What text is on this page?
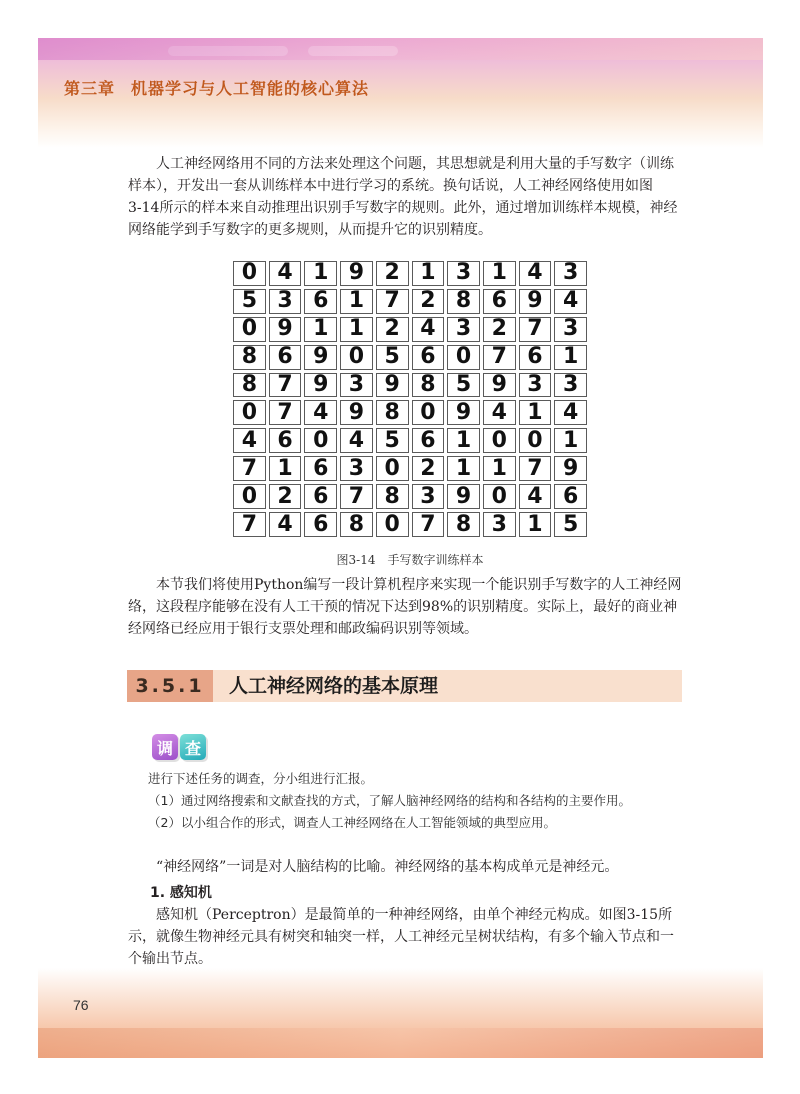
第三章 机器学习与人工智能的核心算法
人工神经网络用不同的方法来处理这个问题，其思想就是利用大量的手写数字（训练
样本），开发出一套从训练样本中进行学习的系统。换句话说，人工神经网络使用如图
3-14所示的样本来自动推理出识别手写数字的规则。此外，通过增加训练样本规模，神经
网络能学到手写数字的更多规则，从而提升它的识别精度。
0 4 1 9 2 1 3 1 4 3
5 3 6 1 7 2 8 6 9 4
0 9 1 1 2 4 3 2 7 3
8 6 9 0 5 6 0 7 6 1
8 7 9 3 9 8 5 9 3 3
0 7 4 9 8 0 9 4 1 4
4 6 0 4 5 6 1 0 0 1
7 1 6 3 0 2 1 1 7 9
0 2 6 7 8 3 9 0 4 6
7 4 6 8 0 7 8 3 1 5
图3-14　手写数字训练样本
本节我们将使用Python编写一段计算机程序来实现一个能识别手写数字的人工神经网
络，这段程序能够在没有人工干预的情况下达到98%的识别精度。实际上，最好的商业神
经网络已经应用于银行支票处理和邮政编码识别等领域。
3.5.1	人工神经网络的基本原理
调 查
进行下述任务的调查，分小组进行汇报。
（1）通过网络搜索和文献查找的方式，了解人脑神经网络的结构和各结构的主要作用。
（2）以小组合作的形式，调查人工神经网络在人工智能领域的典型应用。
“神经网络”一词是对人脑结构的比喻。神经网络的基本构成单元是神经元。
1. 感知机
感知机（Perceptron）是最简单的一种神经网络，由单个神经元构成。如图3-15所
示，就像生物神经元具有树突和轴突一样，人工神经元呈树状结构，有多个输入节点和一
个输出节点。
76
